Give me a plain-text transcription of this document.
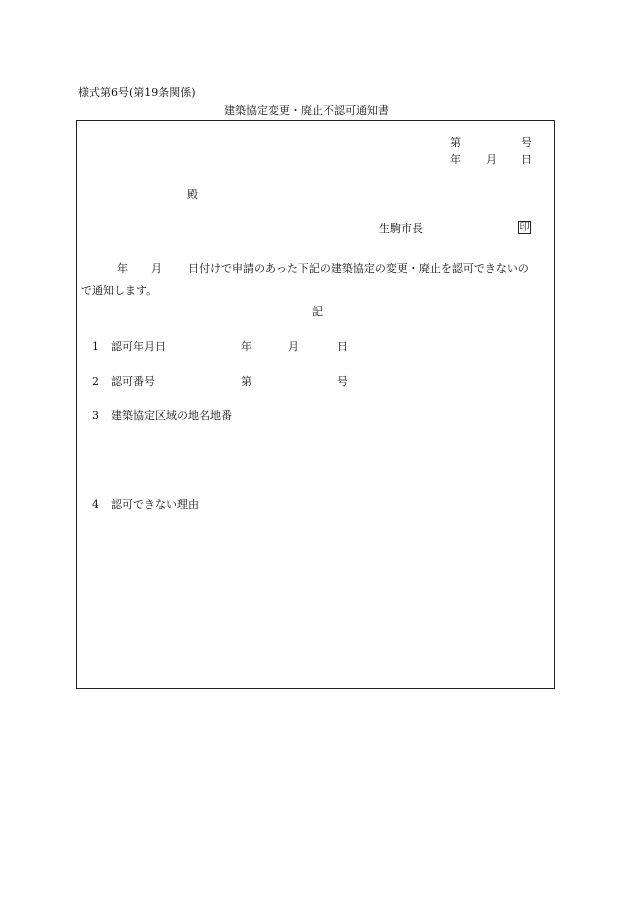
様式第6号(第19条関係)
建築協定変更・廃止不認可通知書
第	号
年 月 日
殿
生駒市長	印
年 月 日付けで申請のあった下記の建築協定の変更・廃止を認可できないの
で通知します。
記
1 認可年月日	年	月	日
2 認可番号	第	号
3 建築協定区域の地名地番
4 認可できない理由
